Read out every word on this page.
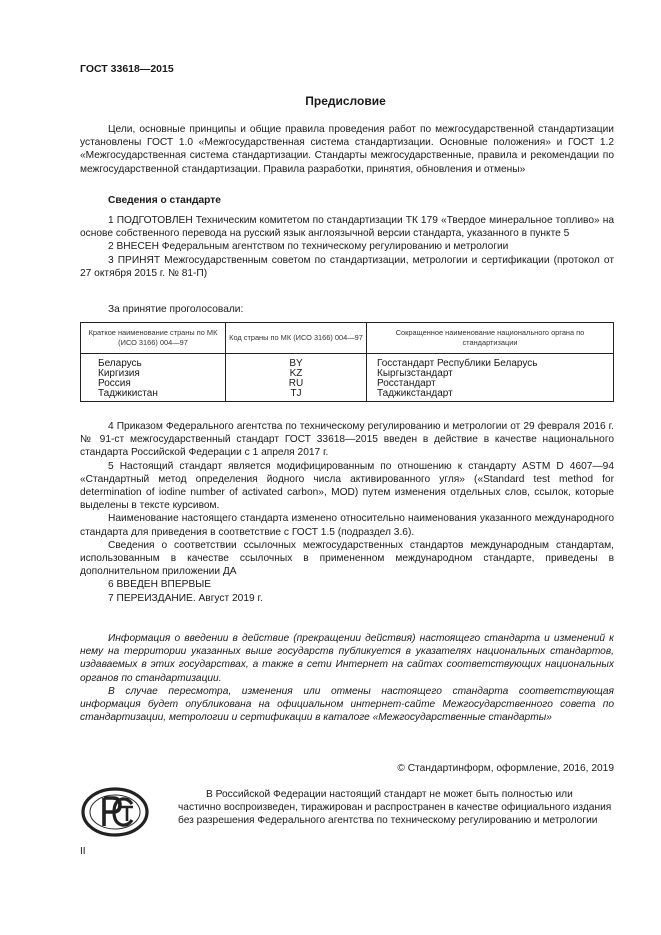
ГОСТ 33618—2015
Предисловие

Цели, основные принципы и общие правила проведения работ по межгосударственной стандартизации установлены ГОСТ 1.0 «Межгосударственная система стандартизации. Основные положения» и ГОСТ 1.2 «Межгосударственная система стандартизации. Стандарты межгосударственные, правила и рекомендации по межгосударственной стандартизации. Правила разработки, принятия, обновления и отмены»

Сведения о стандарте

1 ПОДГОТОВЛЕН Техническим комитетом по стандартизации ТК 179 «Твердое минеральное топливо» на основе собственного перевода на русский язык англоязычной версии стандарта, указанного в пункте 5

2 ВНЕСЕН Федеральным агентством по техническому регулированию и метрологии

3 ПРИНЯТ Межгосударственным советом по стандартизации, метрологии и сертификации (протокол от 27 октября 2015 г. № 81-П)

За принятие проголосовали:
Краткое наименование страны по МК (ИСО 3166) 004—97	Код страны по МК (ИСО 3166) 004—97	Сокращенное наименование национального органа по стандартизации
Беларусь	BY	Госстандарт Республики Беларусь
Киргизия	KZ	Кыргызстандарт
Россия	RU	Росстандарт
Таджикистан	TJ	Таджикстандарт

4 Приказом Федерального агентства по техническому регулированию и метрологии от 29 февраля 2016 г. № 91-ст межгосударственный стандарт ГОСТ 33618—2015 введен в действие в качестве национального стандарта Российской Федерации с 1 апреля 2017 г.

5 Настоящий стандарт является модифицированным по отношению к стандарту ASTM D 4607—94 «Стандартный метод определения йодного числа активированного угля» («Standard test method for determination of iodine number of activated carbon», MOD) путем изменения отдельных слов, ссылок, которые выделены в тексте курсивом.

Наименование настоящего стандарта изменено относительно наименования указанного международного стандарта для приведения в соответствие с ГОСТ 1.5 (подраздел 3.6).

Сведения о соответствии ссылочных межгосударственных стандартов международным стандартам, использованным в качестве ссылочных в примененном международном стандарте, приведены в дополнительном приложении ДА

6 ВВЕДЕН ВПЕРВЫЕ

7 ПЕРЕИЗДАНИЕ. Август 2019 г.

Информация о введении в действие (прекращении действия) настоящего стандарта и изменений к нему на территории указанных выше государств публикуется в указателях национальных стандартов, издаваемых в этих государствах, а также в сети Интернет на сайтах соответствующих национальных органов по стандартизации.

В случае пересмотра, изменения или отмены настоящего стандарта соответствующая информация будет опубликована на официальном интернет-сайте Межгосударственного совета по стандартизации, метрологии и сертификации в каталоге «Межгосударственные стандарты»

© Стандартинформ, оформление, 2016, 2019

В Российской Федерации настоящий стандарт не может быть полностью или частично воспроизведен, тиражирован и распространен в качестве официального издания без разрешения Федерального агентства по техническому регулированию и метрологии

II
